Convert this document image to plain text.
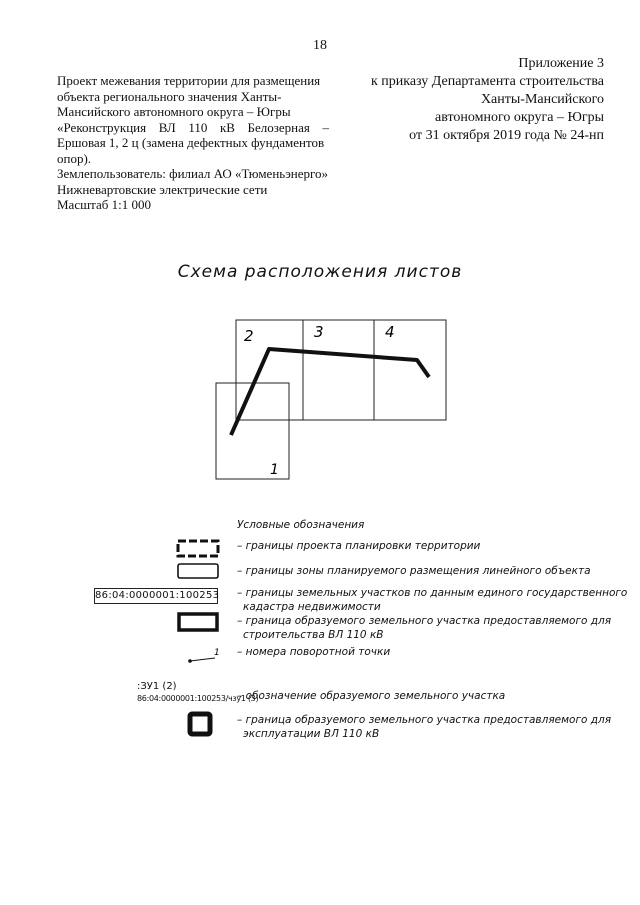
18
Проект межевания территории для размещения
объекта регионального значения Ханты-
Мансийского автономного округа – Югры
«Реконструкция ВЛ 110 кВ Белозерная –
Ершовая 1, 2 ц (замена дефектных фундаментов
опор).
Землепользователь: филиал АО «Тюменьэнерго»
Нижневартовские электрические сети
Масштаб 1:1 000
Приложение 3
к приказу Департамента строительства
Ханты-Мансийского
автономного округа – Югры
от 31 октября 2019 года № 24-нп
Схема расположения листов
2	3	4
1
1
Условные обозначения
– границы проекта планировки территории
– границы зоны планируемого размещения линейного объекта
86:04:0000001:100253 – границы земельных участков по данным единого государственного
кадастра недвижимости
– граница образуемого земельного участка предоставляемого для
строительства ВЛ 110 кВ
– номера поворотной точки
:ЗУ1 (2)
86:04:0000001:100253/чзу1 (3)
– обозначение образуемого земельного участка
– граница образуемого земельного участка предоставляемого для
эксплуатации ВЛ 110 кВ
